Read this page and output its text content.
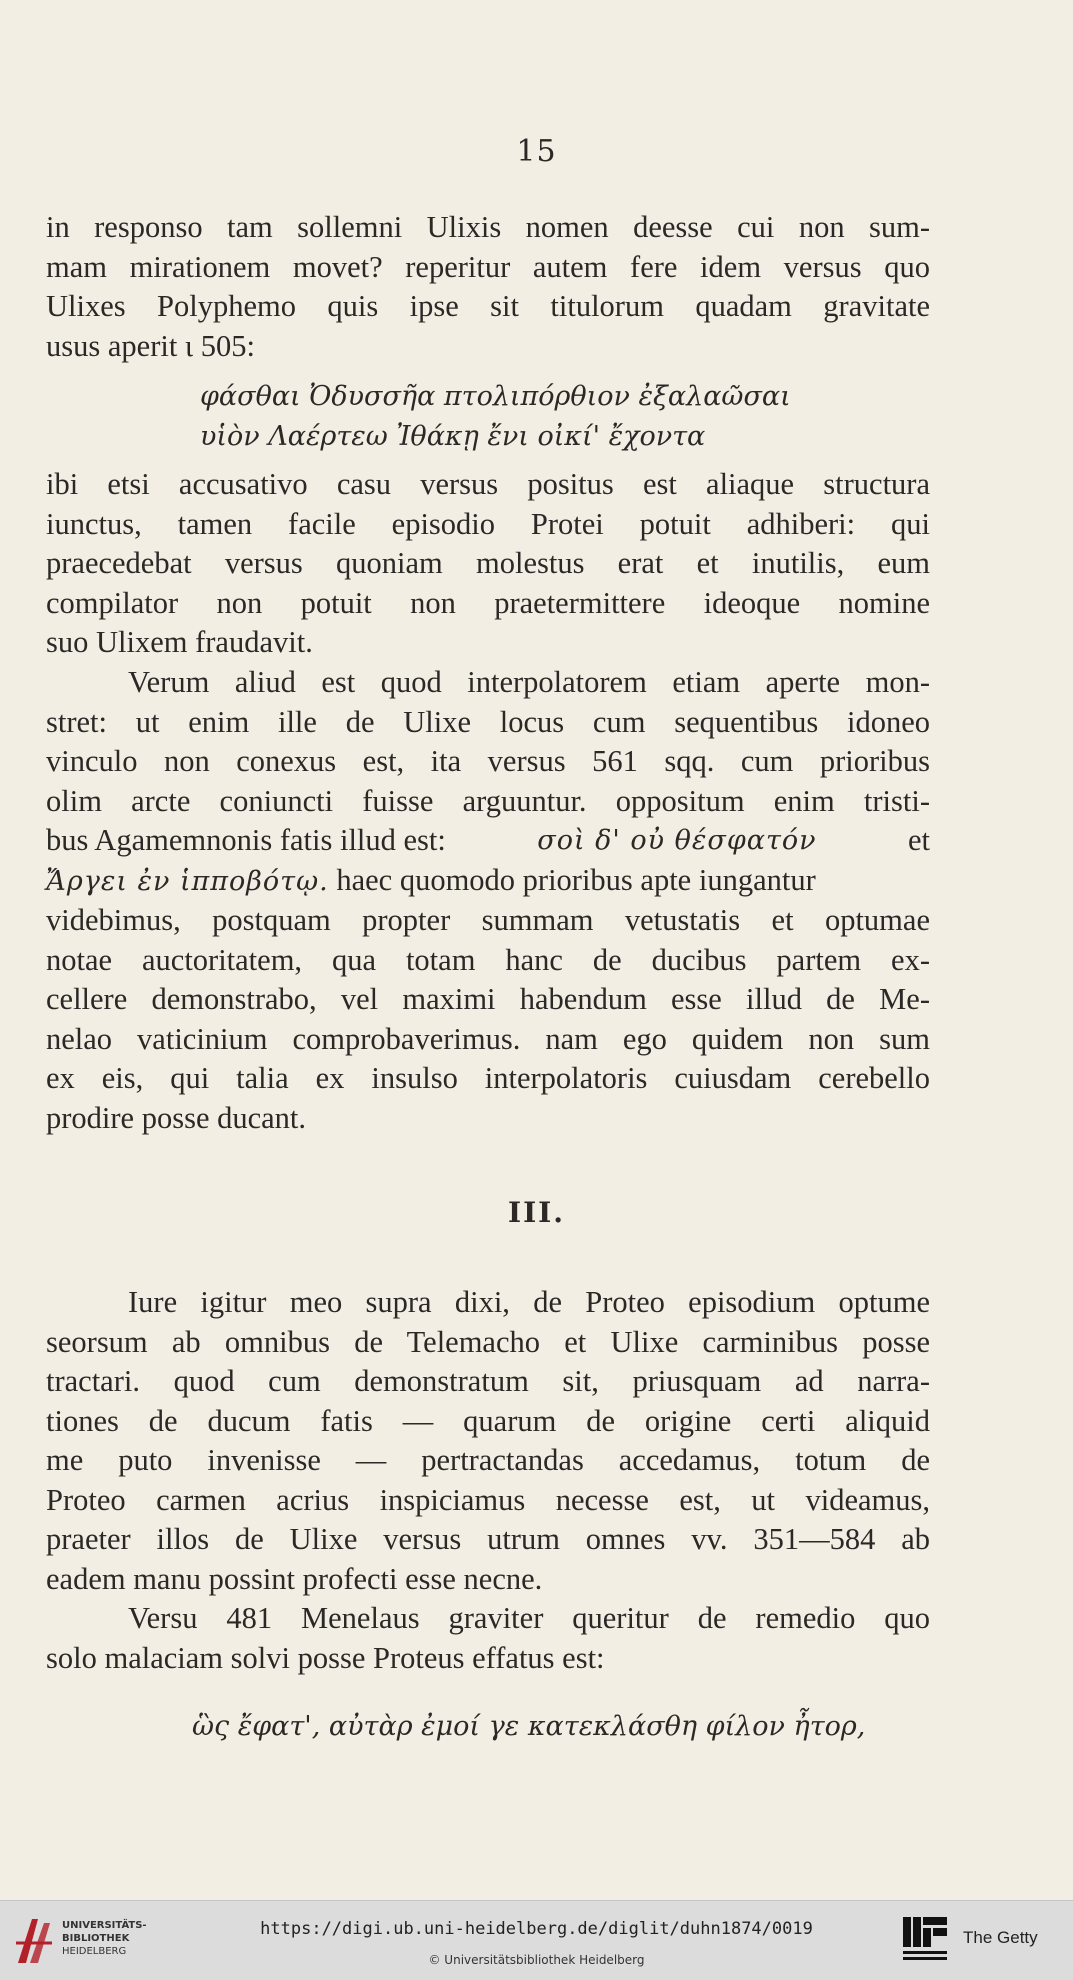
15
in responso tam sollemni Ulixis nomen deesse cui non sum-
mam mirationem movet? reperitur autem fere idem versus quo
Ulixes Polyphemo quis ipse sit titulorum quadam gravitate
usus aperit ι 505:
φάσθαι Ὀδυσσῆα πτολιπόρθιον ἐξαλαῶσαι
υἱὸν Λαέρτεω Ἰθάκῃ ἔνι οἰκί' ἔχοντα
ibi etsi accusativo casu versus positus est aliaque structura
iunctus, tamen facile episodio Protei potuit adhiberi: qui
praecedebat versus quoniam molestus erat et inutilis, eum
compilator non potuit non praetermittere ideoque nomine
suo Ulixem fraudavit.
Verum aliud est quod interpolatorem etiam aperte mon-
stret: ut enim ille de Ulixe locus cum sequentibus idoneo
vinculo non conexus est, ita versus 561 sqq. cum prioribus
olim arcte coniuncti fuisse arguuntur. oppositum enim tristi-
bus Agamemnonis fatis illud est:	σοὶ δ' οὐ θέσφατόν	et
Ἄργει ἐν ἱπποβότῳ. haec quomodo prioribus apte iungantur
videbimus, postquam propter summam vetustatis et optumae
notae auctoritatem, qua totam hanc de ducibus partem ex-
cellere demonstrabo, vel maximi habendum esse illud de Me-
nelao vaticinium comprobaverimus. nam ego quidem non sum
ex eis, qui talia ex insulso interpolatoris cuiusdam cerebello
prodire posse ducant.
III.
Iure igitur meo supra dixi, de Proteo episodium optume
seorsum ab omnibus de Telemacho et Ulixe carminibus posse
tractari. quod cum demonstratum sit, priusquam ad narra-
tiones de ducum fatis — quarum de origine certi aliquid
me puto invenisse — pertractandas accedamus, totum de
Proteo carmen acrius inspiciamus necesse est, ut videamus,
praeter illos de Ulixe versus utrum omnes vv. 351—584 ab
eadem manu possint profecti esse necne.
Versu 481 Menelaus graviter queritur de remedio quo
solo malaciam solvi posse Proteus effatus est:
ὣς ἔφατ', αὐτὰρ ἐμοί γε κατεκλάσθη φίλον ἦτορ,
UNIVERSITÄTS-
BIBLIOTHEK
HEIDELBERG
https://digi.ub.uni-heidelberg.de/diglit/duhn1874/0019
© Universitätsbibliothek Heidelberg
The Getty
